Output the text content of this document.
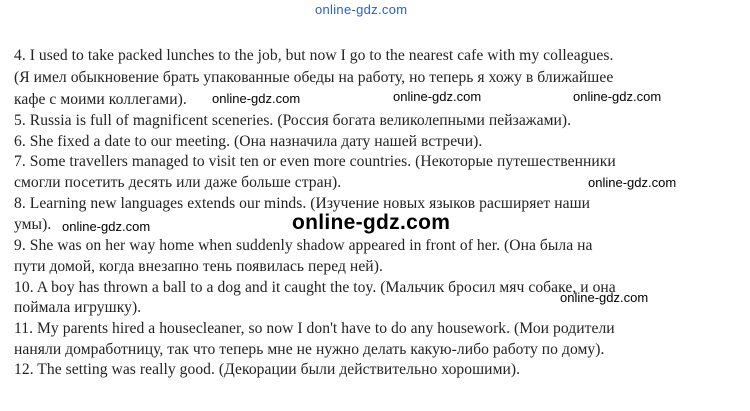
online-gdz.com
4. I used to take packed lunches to the job, but now I go to the nearest cafe with my colleagues.
(Я имел обыкновение брать упакованные обеды на работу, но теперь я хожу в ближайшее
кафе с моими коллегами).
5. Russia is full of magnificent sceneries. (Россия богата великолепными пейзажами).
6. She fixed a date to our meeting. (Она назначила дату нашей встречи).
7. Some travellers managed to visit ten or even more countries. (Некоторые путешественники
смогли посетить десять или даже больше стран).
8. Learning new languages extends our minds. (Изучение новых языков расширяет наши
умы).
9. She was on her way home when suddenly shadow appeared in front of her. (Она была на
пути домой, когда внезапно тень появилась перед ней).
10. A boy has thrown a ball to a dog and it caught the toy. (Мальчик бросил мяч собаке, и она
поймала игрушку).
11. My parents hired a housecleaner, so now I don't have to do any housework. (Мои родители
наняли домработницу, так что теперь мне не нужно делать какую-либо работу по дому).
12. The setting was really good. (Декорации были действительно хорошими).
online-gdz.com	online-gdz.com	online-gdz.com
online-gdz.com
online-gdz.com
online-gdz.com
online-gdz.com
